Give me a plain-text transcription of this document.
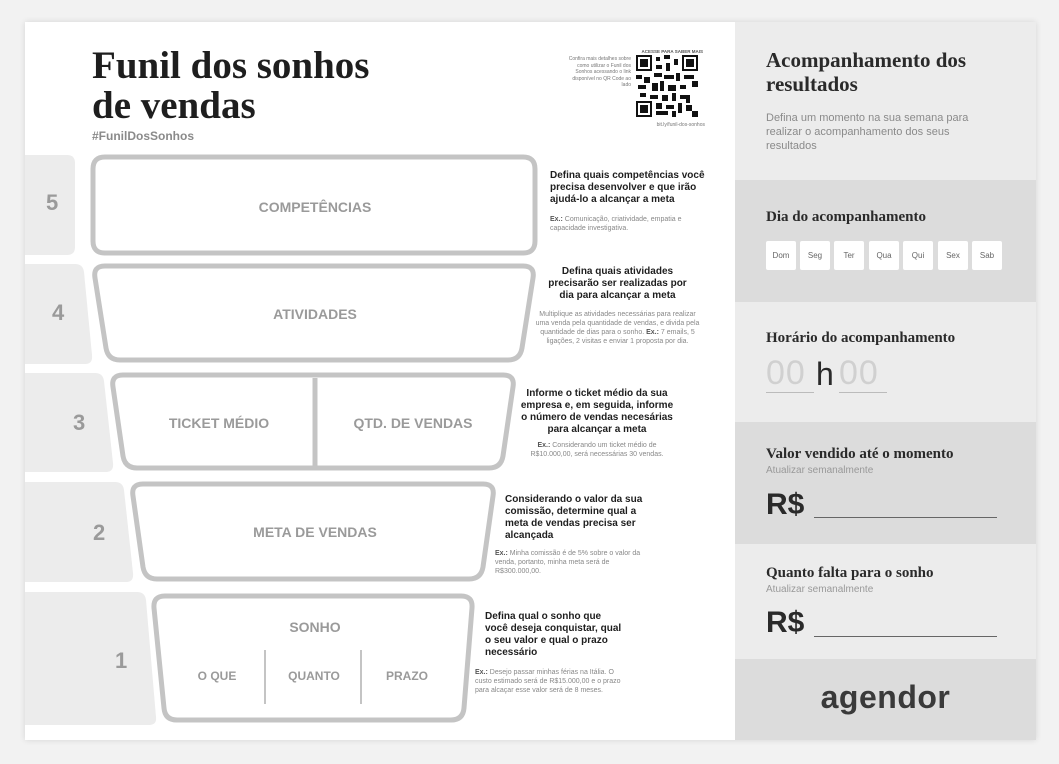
Funil dos sonhos
de vendas
#FunilDosSonhos
ACESSE PARA SABER MAIS
Confira mais detalhes sobre como utilizar o Funil dos Sonhos acessando o link disponível no QR Code ao lado
bit.ly/funil-dos-sonhos
5
4
3
2
1
COMPETÊNCIAS
ATIVIDADES
TICKET MÉDIO	QTD. DE VENDAS
META DE VENDAS
SONHO
O QUE	QUANTO	PRAZO
Defina quais competências você precisa desenvolver e que irão ajudá-lo a alcançar a meta
Ex.: Comunicação, criatividade, empatia e capacidade investigativa.
Defina quais atividades precisarão ser realizadas por dia para alcançar a meta
Multiplique as atividades necessárias para realizar uma venda pela quantidade de vendas, e divida pela quantidade de dias para o sonho. Ex.: 7 emails, 5 ligações, 2 visitas e enviar 1 proposta por dia.
Informe o ticket médio da sua empresa e, em seguida, informe o número de vendas necesárias para alcançar a meta
Ex.: Considerando um ticket médio de R$10.000,00, será necessárias 30 vendas.
Considerando o valor da sua comissão, determine qual a meta de vendas precisa ser alcançada
Ex.: Minha comissão é de 5% sobre o valor da venda, portanto, minha meta será de R$300.000,00.
Defina qual o sonho que você deseja conquistar, qual o seu valor e qual o prazo necessário
Ex.: Desejo passar minhas férias na Itália. O custo estimado será de R$15.000,00 e o prazo para alcaçar esse valor será de 8 meses.
Acompanhamento dos resultados
Defina um momento na sua semana para realizar o acompanhamento dos seus resultados
Dia do acompanhamento
Dom	Seg	Ter	Qua	Qui	Sex	Sab
Horário do acompanhamento
00 h 00
Valor vendido até o momento
Atualizar semanalmente
R$
Quanto falta para o sonho
Atualizar semanalmente
R$
agendor
